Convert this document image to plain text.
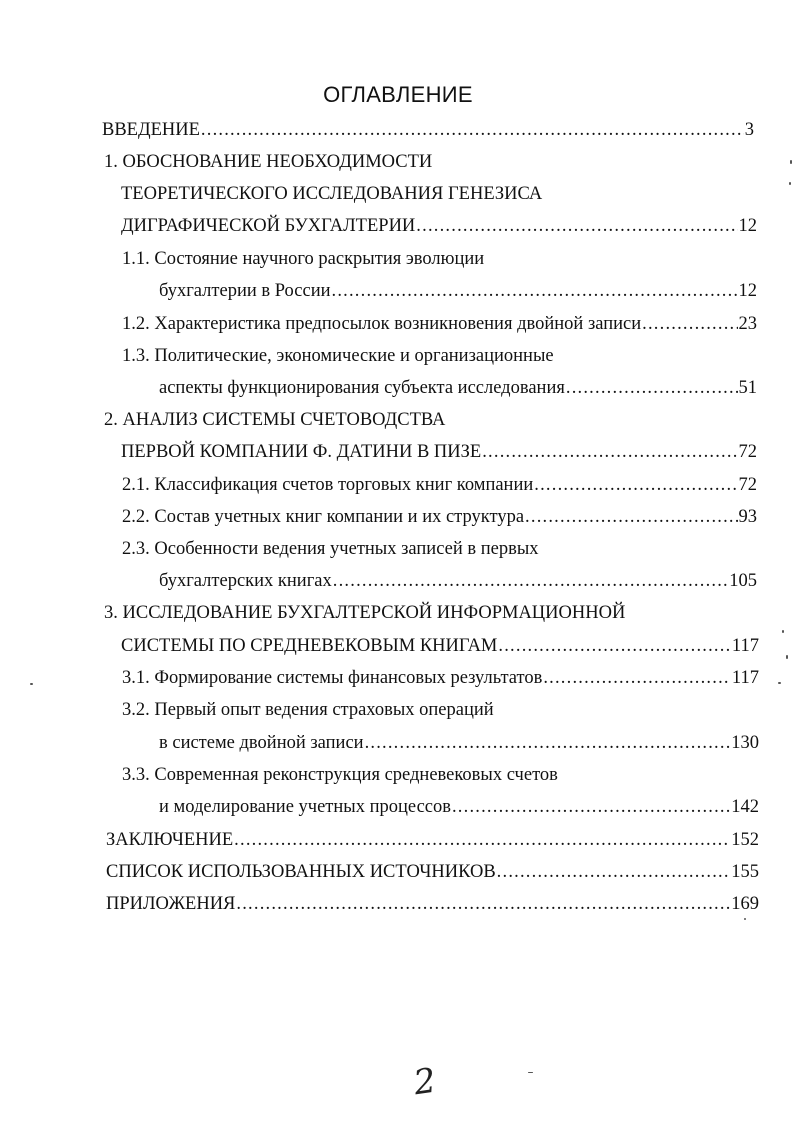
ОГЛАВЛЕНИЕ
ВВЕДЕНИЕ .....	3
1. ОБОСНОВАНИЕ НЕОБХОДИМОСТИ
ТЕОРЕТИЧЕСКОГО ИССЛЕДОВАНИЯ ГЕНЕЗИСА
ДИГРАФИЧЕСКОЙ БУХГАЛТЕРИИ .....	12
1.1. Состояние научного раскрытия эволюции
бухгалтерии в России .....	12
1.2. Характеристика предпосылок возникновения двойной записи .....	23
1.3. Политические, экономические и организационные
аспекты функционирования субъекта исследования .....	51
2. АНАЛИЗ СИСТЕМЫ СЧЕТОВОДСТВА
ПЕРВОЙ КОМПАНИИ Ф. ДАТИНИ В ПИЗЕ .....	72
2.1. Классификация счетов торговых книг компании .....	72
2.2. Состав учетных книг компании и их структура .....	93
2.3. Особенности ведения учетных записей в первых
бухгалтерских книгах .....	105
3. ИССЛЕДОВАНИЕ БУХГАЛТЕРСКОЙ ИНФОРМАЦИОННОЙ
СИСТЕМЫ ПО СРЕДНЕВЕКОВЫМ КНИГАМ .....	117
3.1. Формирование системы финансовых результатов .....	117
3.2. Первый опыт ведения страховых операций
в системе двойной записи .....	130
3.3. Современная реконструкция средневековых счетов
и моделирование учетных процессов .....	142
ЗАКЛЮЧЕНИЕ .....	152
СПИСОК ИСПОЛЬЗОВАННЫХ ИСТОЧНИКОВ .....	155
ПРИЛОЖЕНИЯ .....	169
2
